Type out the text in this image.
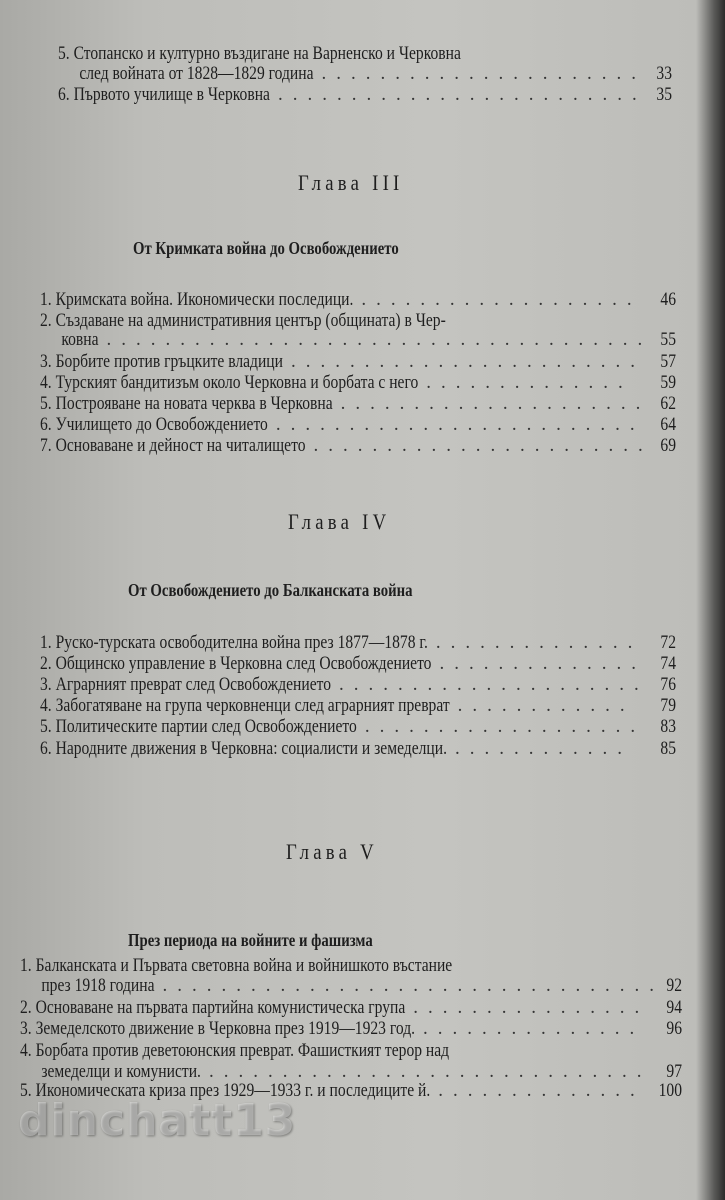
5. Стопанско и културно въздигане на Варненско и Черковна
след войната от 1828—1829 година ...................... 33
6. Първото училище в Черковна ......................... 35
Глава III
От Кримката война до Освобождението
1. Кримската война. Икономически последици. ................... 46
2. Създаване на административния център (общината) в Чер-
ковна ..................................... 55
3. Борбите против гръцките владици ........................ 57
4. Турският бандитизъм около Черковна и борбата с него ..............	59
5. Построяване на новата черква в Черковна ..................... 62
6. Училището до Освобождението ......................... 64
7. Основаване и дейност на читалището ....................... 69
Глава IV
От Освобождението до Балканската война
1. Руско-турската освободителна война през 1877—1878 г. .............. 72
2. Общинско управление в Черковна след Освобождението .............. 74
3. Аграрният преврат след Освобождението ..................... 76
4. Забогатяване на група черковненци след аграрният преврат ............	79
5. Политическите партии след Освобождението ................... 83
6. Народните движения в Черковна: социалисти и земеделци. ............	85
Глава V
През периода на войните и фашизма
1. Балканската и Първата световна война и войнишкото въстание
през 1918 година .................................. 92
2. Основаване на първата партийна комунистическа група ................ 94
3. Земеделското движение в Черковна през 1919—1923 год. ...............	96
4. Борбата против деветоюнския преврат. Фашисткият терор над
земеделци и комунисти. .............................. 97
5. Икономическата криза през 1929—1933 г. и последиците й. .............. 100
dinchatt13
